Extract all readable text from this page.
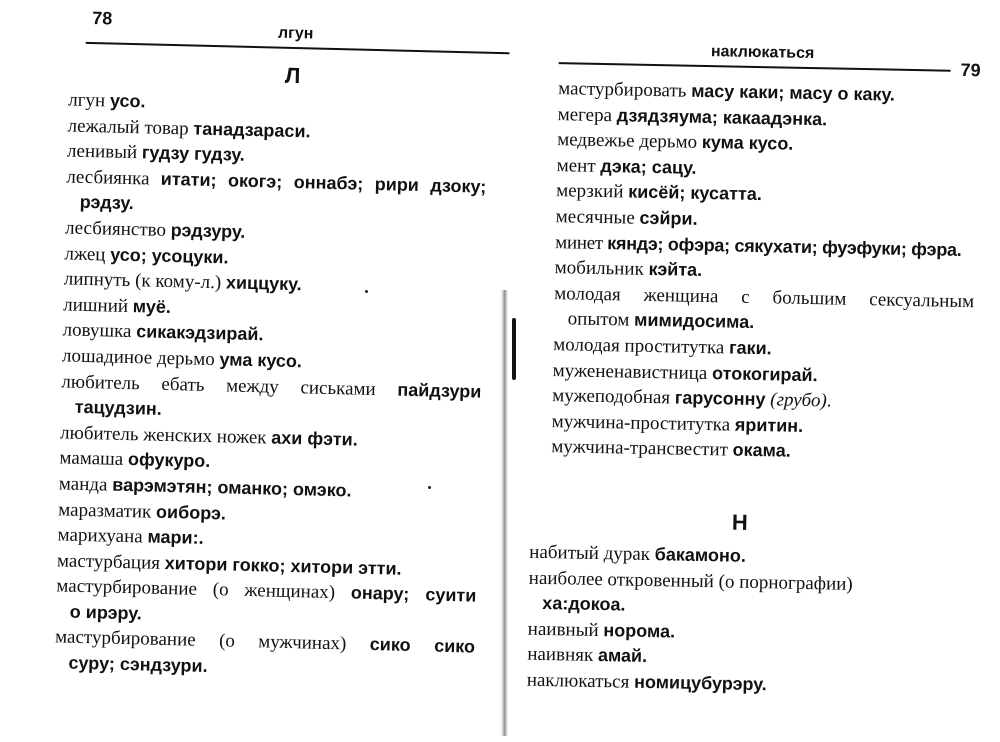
78
лгун
Л

лгун усо.

лежалый товар танадзараси.

ленивый гудзу гудзу.

лесбиянка итати; окогэ; оннабэ; рири дзоку;
рэдзу.

лесбиянство рэдзуру.

лжец усо; усоцуки.

липнуть (к кому-л.) хиццуку.

лишний муё.

ловушка сикакэдзирай.

лошадиное дерьмо ума кусо.

любитель ебать между сиськами пайдзури
тацудзин.

любитель женских ножек ахи фэти.

мамаша офукуро.

манда варэмэтян; оманко; омэко.

маразматик оиборэ.

марихуана мари:.

мастурбация хитори гокко; хитори этти.

мастурбирование (о женщинах) онару; суити
о ирэру.

мастурбирование (о мужчинах) сико сико
суру; сэндзури.

наклюкаться
79

мастурбировать масу каки; масу о каку.

мегера дзядзяума; какаадэнка.

медвежье дерьмо кума кусо.

мент дэка; сацу.

мерзкий кисёй; кусатта.

месячные сэйри.

минет кяндэ; офэра; сякухати; фуэфуки; фэра.

мобильник кэйта.

молодая женщина с большим сексуальным
опытом мимидосима.

молодая проститутка гаки.

мужененавистница отокогирай.

мужеподобная гарусонну (грубо).

мужчина-проститутка яритин.

мужчина-трансвестит окама.

Н

набитый дурак бакамоно.

наиболее откровенный (о порнографии)
ха:докоа.

наивный норома.

наивняк амай.

наклюкаться номицубурэру.
